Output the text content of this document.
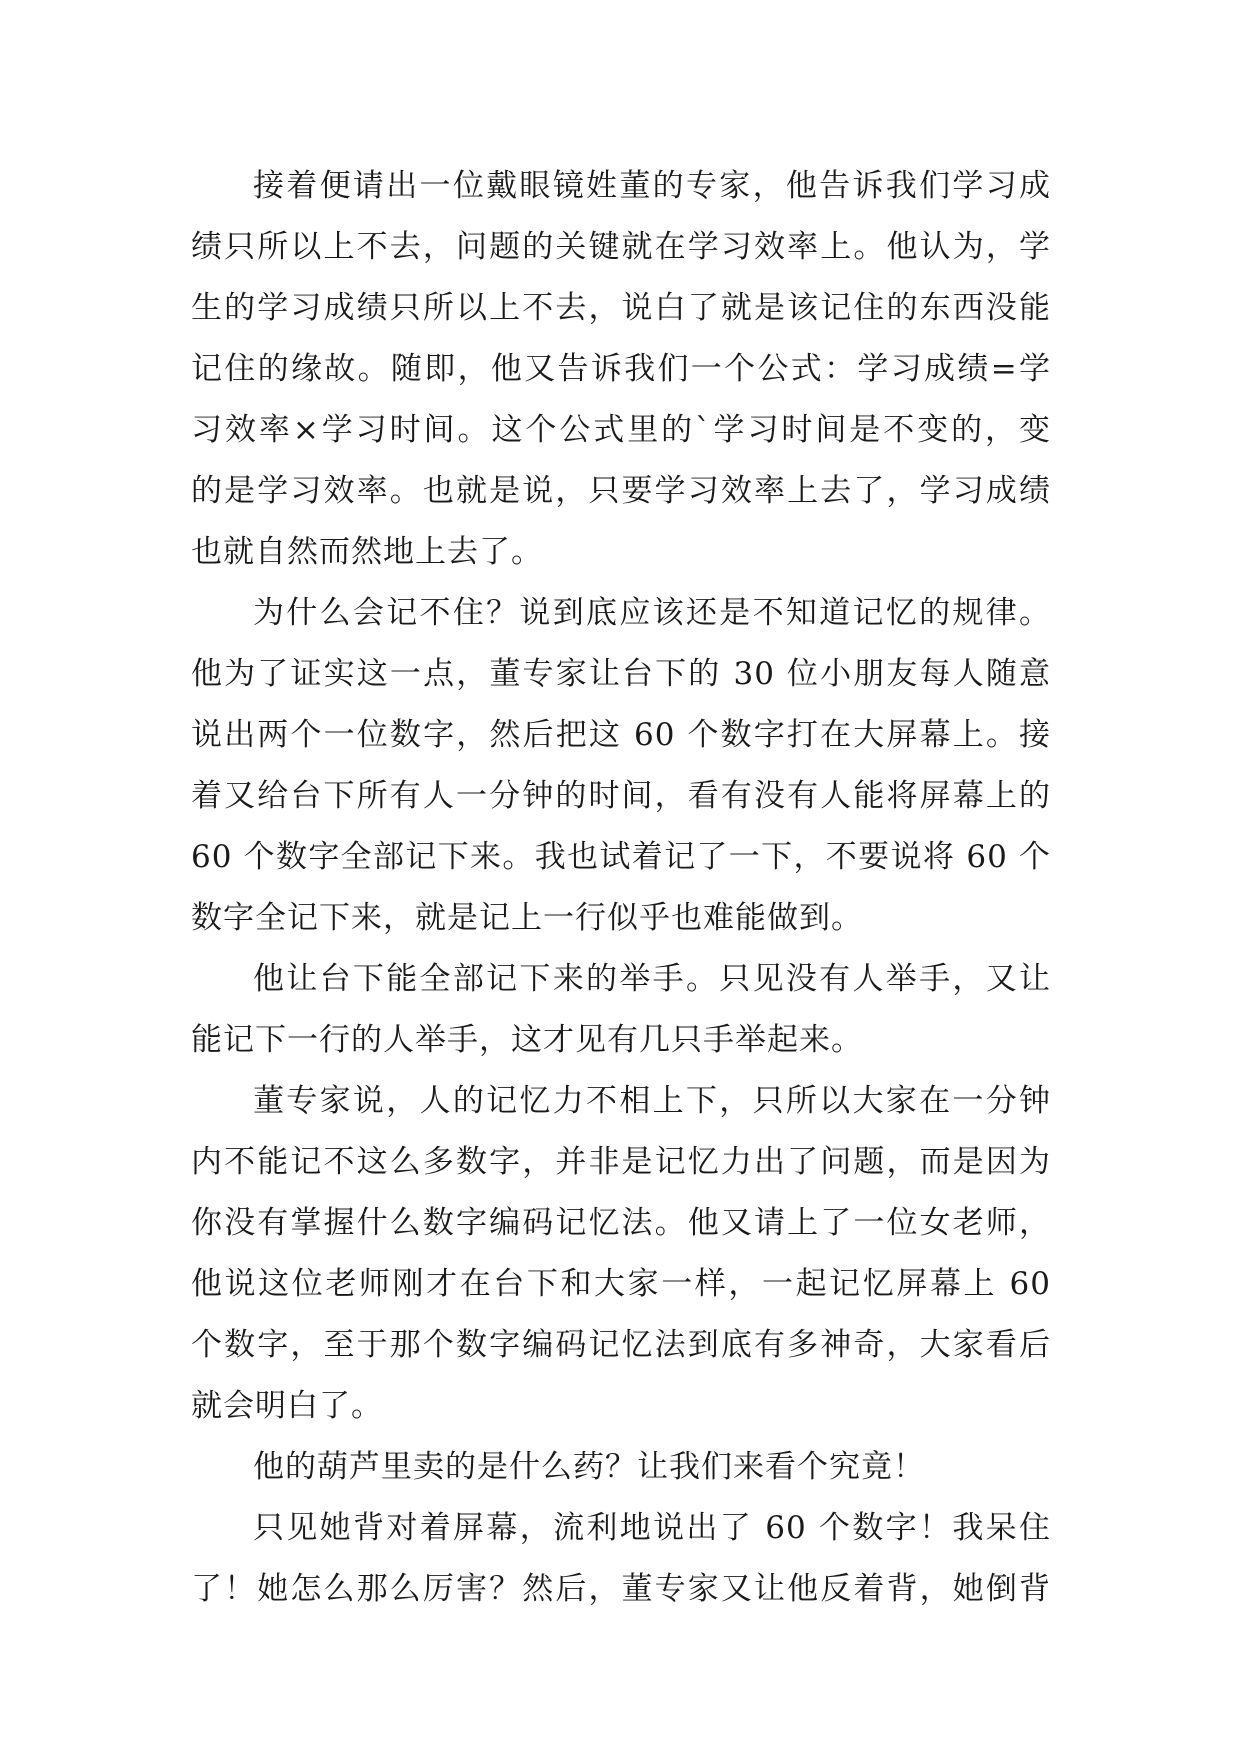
接着便请出一位戴眼镜姓董的专家，他告诉我们学习成
绩只所以上不去，问题的关键就在学习效率上。他认为，学
生的学习成绩只所以上不去，说白了就是该记住的东西没能
记住的缘故。随即，他又告诉我们一个公式：学习成绩=学
习效率×学习时间。这个公式里的`学习时间是不变的，变
的是学习效率。也就是说，只要学习效率上去了，学习成绩
也就自然而然地上去了。

为什么会记不住？说到底应该还是不知道记忆的规律。
他为了证实这一点，董专家让台下的 30 位小朋友每人随意
说出两个一位数字，然后把这 60 个数字打在大屏幕上。接
着又给台下所有人一分钟的时间，看有没有人能将屏幕上的
60 个数字全部记下来。我也试着记了一下，不要说将 60 个
数字全记下来，就是记上一行似乎也难能做到。

他让台下能全部记下来的举手。只见没有人举手，又让
能记下一行的人举手，这才见有几只手举起来。

董专家说，人的记忆力不相上下，只所以大家在一分钟
内不能记不这么多数字，并非是记忆力出了问题，而是因为
你没有掌握什么数字编码记忆法。他又请上了一位女老师，
他说这位老师刚才在台下和大家一样，一起记忆屏幕上 60
个数字，至于那个数字编码记忆法到底有多神奇，大家看后
就会明白了。

他的葫芦里卖的是什么药？让我们来看个究竟！

只见她背对着屏幕，流利地说出了 60 个数字！我呆住
了！她怎么那么厉害？然后，董专家又让他反着背，她倒背
